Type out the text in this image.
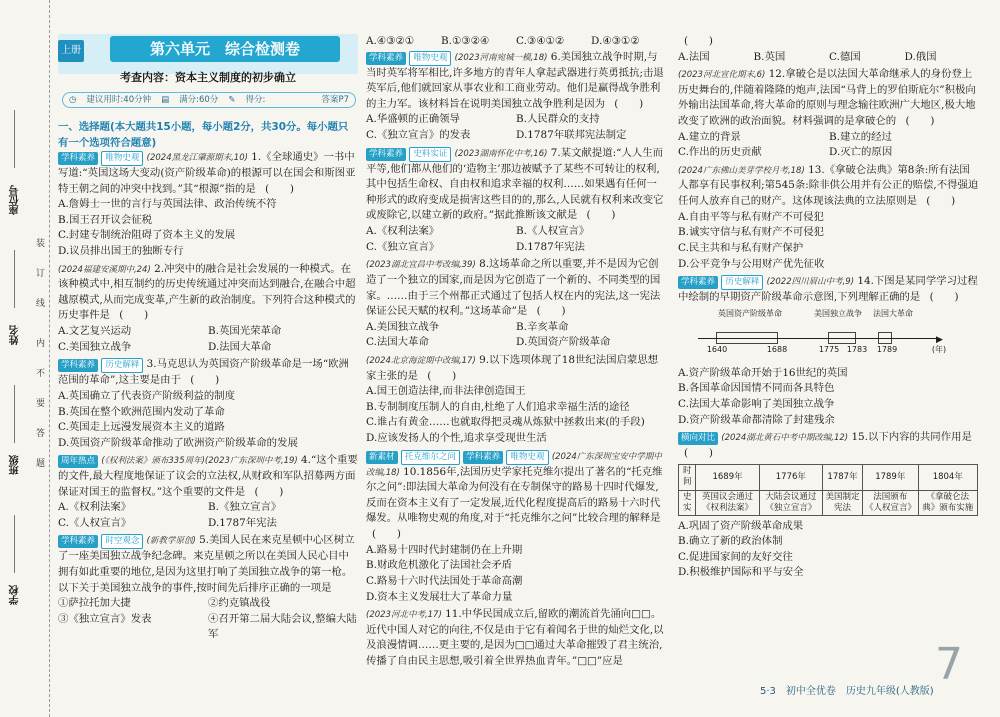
座位号
姓名
班级
学校
装
订
线
内
不
要
答
题
上册	第六单元　综合检测卷
考查内容：资本主义制度的初步确立
◷ 建议用时:40分钟 ▤ 满分:60分 ✎ 得分:	答案P7
一、选择题(本大题共15小题，每小题2分，共30分。每小题只有一个选项符合题意)
学科素养 唯物史观 (2024黑龙江肇源期末,10) 1.《全球通史》一书中写道:“英国这场大变动(资产阶级革命)的根源可以在国会和斯图亚特王朝之间的冲突中找到。”其“根源”指的是 (　　)
A.詹姆士一世的言行与英国法律、政治传统不符
B.国王召开议会征税
C.封建专制统治阻碍了资本主义的发展
D.议员排出国王的独断专行
(2024福建安溪期中,24) 2.冲突中的融合是社会发展的一种模式。在该种模式中,相互制约的历史传统通过冲突而达到融合,在融合中超越原模式,从而完成变革,产生新的政治制度。下列符合这种模式的历史事件是 (　　)
A.文艺复兴运动	B.英国光荣革命
C.美国独立战争	D.法国大革命
学科素养 历史解释 3.马克思认为英国资产阶级革命是一场“欧洲范围的革命”,这主要是由于 (　　)
A.英国确立了代表资产阶级利益的制度
B.英国在整个欧洲范围内发动了革命
C.英国走上远漫发展资本主义的道路
D.英国资产阶级革命推动了欧洲资产阶级革命的发展
周年热点 (《权利法案》颁布335周年)(2023广东深圳中考,19) 4.“这个重要的文件,最大程度地保证了议会的立法权,从财政和军队招募两方面保证对国王的监督权。”这个重要的文件是 (　　)
A.《权利法案》	B.《独立宣言》
C.《人权宣言》	D.1787年宪法
学科素养 时空观念 (新教学原创) 5.美国人民在来克星顿中心区树立了一座美国独立战争纪念碑。来克星顿之所以在美国人民心目中拥有如此重要的地位,是因为这里打响了美国独立战争的第一枪。以下关于美国独立战争的事件,按时间先后排序正确的一项是
①萨拉托加大捷	②约克镇战役
③《独立宣言》发表	④召开第二届大陆会议,整编大陆军
A.④③②①	B.①③②④	C.③④①②	D.④③①②
学科素养 唯物史观 (2023河南宛城一模,18) 6.美国独立战争时期,与当时英军将军相比,许多地方的青年人拿起武器进行英勇抵抗;击退英军后,他们就回家从事农业和工商业劳动。他们是赢得战争胜利的主力军。该材料旨在说明美国独立战争胜利是因为 (　　)
A.华盛顿的正确领导	B.人民群众的支持
C.《独立宣言》的发表	D.1787年联邦宪法制定
学科素养 史料实证 (2023湖南怀化中考,16) 7.某文献提道:“人人生而平等,他们都从他们的‘造物主’那边被赋予了某些不可转让的权利,其中包括生命权、自由权和追求幸福的权利……如果遇有任何一种形式的政府变成是损害这些目的的,那么,人民就有权利来改变它或废除它,以建立新的政府。”据此推断该文献是 (　　)
A.《权利法案》	B.《人权宣言》
C.《独立宣言》	D.1787年宪法
(2023湖北宜昌中考改编,39) 8.这场革命之所以重要,并不是因为它创造了一个独立的国家,而是因为它创造了一个新的、不同类型的国家。……由于三个州都正式通过了包括人权在内的宪法,这一宪法保证公民天赋的权利。”这场革命”是 (　　)
A.美国独立战争	B.辛亥革命
C.法国大革命	D.英国资产阶级革命
(2024北京海淀期中改编,17) 9.以下选项体现了18世纪法国启蒙思想家主张的是 (　　)
A.国王创造法律,而非法律创造国王
B.专制制度压制人的自由,杜绝了人们追求幸福生活的途径
C.谁占有黄金……也就取得把灵魂从炼狱中拯救出来(的手段)
D.应该发扬人的个性,追求享受现世生活
新素材 托克维尔之问 学科素养 唯物史观 (2024广东深圳宝安中学期中改编,18) 10.1856年,法国历史学家托克维尔提出了著名的“托克维尔之问”:即法国大革命为何没有在专制保守的路易十四时代爆发,反而在资本主义有了一定发展,近代化程度提高后的路易十六时代爆发。从唯物史观的角度,对于“托克维尔之问”比较合理的解释是 (　　)
A.路易十四时代封建制仍在上升期
B.财政危机激化了法国社会矛盾
C.路易十六时代法国处于革命高潮
D.资本主义发展壮大了革命力量
(2023河北中考,17) 11.中华民国成立后,留欧的潮流首先涌向□□。近代中国人对它的向往,不仅是由于它有着闻名于世的灿烂文化,以及浪漫情调……更主要的,是因为□□通过大革命摧毁了君主统治,传播了自由民主思想,吸引着全世界热血青年。”□□”应是
(　　)
A.法国	B.英国	C.德国	D.俄国
(2023河北宣化期末,6) 12.拿破仑是以法国大革命继承人的身份登上历史舞台的,伴随着隆隆的炮声,法国“马背上的罗伯斯庇尔”积极向外输出法国革命,将大革命的原则与理念输往欧洲广大地区,极大地改变了欧洲的政治面貌。材料强调的是拿破仑的 (　　)
A.建立的背景	B.建立的经过
C.作出的历史贡献	D.灭亡的原因
(2024广东佛山美芽学校月考,18) 13.《拿破仑法典》第8条:所有法国人都享有民事权利;第545条:除非供公用并有公正的赔偿,不得强迫任何人放弃自己的财产。这体现该法典的立法原则是 (　　)
A.自由平等与私有财产不可侵犯
B.诚实守信与私有财产不可侵犯
C.民主共和与私有财产保护
D.公平竞争与公用财产优先征收
学科素养 历史解释 (2022四川眉山中考,9) 14.下图是某同学学习过程中绘制的早期资产阶级革命示意图,下列理解正确的是 (　　)
英国资产阶级革命	美国独立战争	法国大革命
▶
1640	1688	1775 1783	1789	(年)
A.资产阶级革命开始于16世纪的英国
B.各国革命因国情不同而各具特色
C.法国大革命影响了美国独立战争
D.资产阶级革命都清除了封建残余
横向对比 (2024湖北黄石中考中期改编,12) 15.以下内容的共同作用是 (　　)
时间	1689年	1776年	1787年	1789年	1804年
史实	英国议会通过《权利法案》	大陆会议通过《独立宣言》	美国制定宪法	法国颁布《人权宣言》	《拿破仑法典》颁布实施
A.巩固了资产阶级革命成果
B.确立了新的政治体制
C.促进国家间的友好交往
D.积极维护国际和平与安全
7
5·3　初中全优卷　历史九年级(人教版)
